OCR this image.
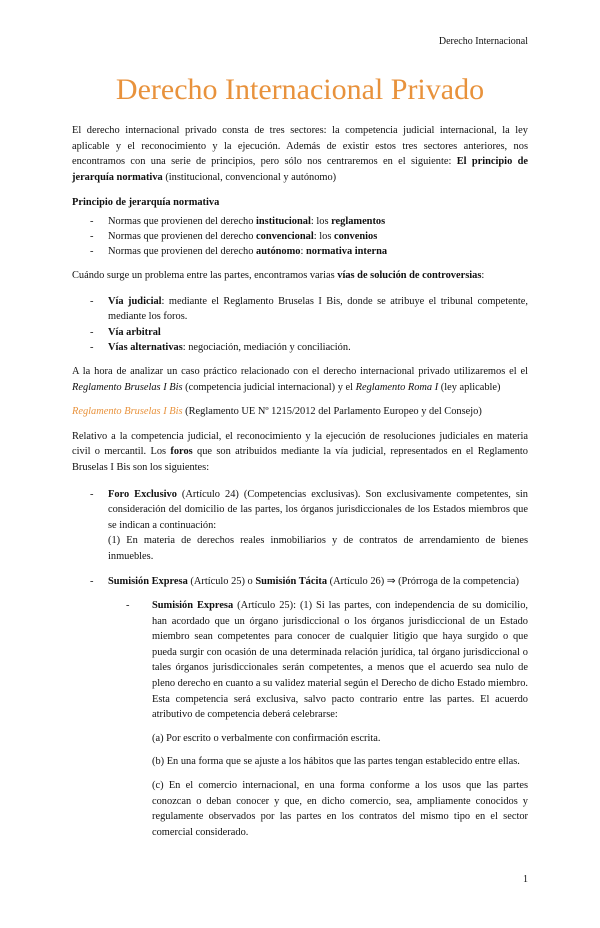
Derecho Internacional
Derecho Internacional Privado

El derecho internacional privado consta de tres sectores: la competencia judicial internacional, la ley aplicable y el reconocimiento y la ejecución. Además de existir estos tres sectores anteriores, nos encontramos con una serie de principios, pero sólo nos centraremos en el siguiente: El principio de jerarquía normativa (institucional, convencional y autónomo)

Principio de jerarquía normativa
- Normas que provienen del derecho institucional: los reglamentos
- Normas que provienen del derecho convencional: los convenios
- Normas que provienen del derecho autónomo: normativa interna

Cuándo surge un problema entre las partes, encontramos varias vías de solución de controversias:

- Vía judicial: mediante el Reglamento Bruselas I Bis, donde se atribuye el tribunal competente, mediante los foros.
- Vía arbitral
- Vías alternativas: negociación, mediación y conciliación.

A la hora de analizar un caso práctico relacionado con el derecho internacional privado utilizaremos el el Reglamento Bruselas I Bis (competencia judicial internacional) y el Reglamento Roma I (ley aplicable)

Reglamento Bruselas I Bis (Reglamento UE Nº 1215/2012 del Parlamento Europeo y del Consejo)

Relativo a la competencia judicial, el reconocimiento y la ejecución de resoluciones judiciales en materia civil o mercantil. Los foros que son atribuidos mediante la vía judicial, representados en el Reglamento Bruselas I Bis son los siguientes:

- Foro Exclusivo (Artículo 24) (Competencias exclusivas). Son exclusivamente competentes, sin consideración del domicilio de las partes, los órganos jurisdiccionales de los Estados miembros que se indican a continuación:
(1) En materia de derechos reales inmobiliarios y de contratos de arrendamiento de bienes inmuebles.
- Sumisión Expresa (Artículo 25) o Sumisión Tácita (Artículo 26) ⇒ (Prórroga de la competencia)

- Sumisión Expresa (Artículo 25): (1) Si las partes, con independencia de su domicilio, han acordado que un órgano jurisdiccional o los órganos jurisdiccional de un Estado miembro sean competentes para conocer de cualquier litigio que haya surgido o que pueda surgir con ocasión de una determinada relación jurídica, tal órgano jurisdiccional o tales órganos jurisdiccionales serán competentes, a menos que el acuerdo sea nulo de pleno derecho en cuanto a su validez material según el Derecho de dicho Estado miembro. Esta competencia será exclusiva, salvo pacto contrario entre las partes. El acuerdo atributivo de competencia deberá celebrarse:

(a) Por escrito o verbalmente con confirmación escrita.

(b) En una forma que se ajuste a los hábitos que las partes tengan establecido entre ellas.

(c) En el comercio internacional, en una forma conforme a los usos que las partes conozcan o deban conocer y que, en dicho comercio, sea, ampliamente conocidos y regulamente observados por las partes en los contratos del mismo tipo en el sector comercial considerado.

1
